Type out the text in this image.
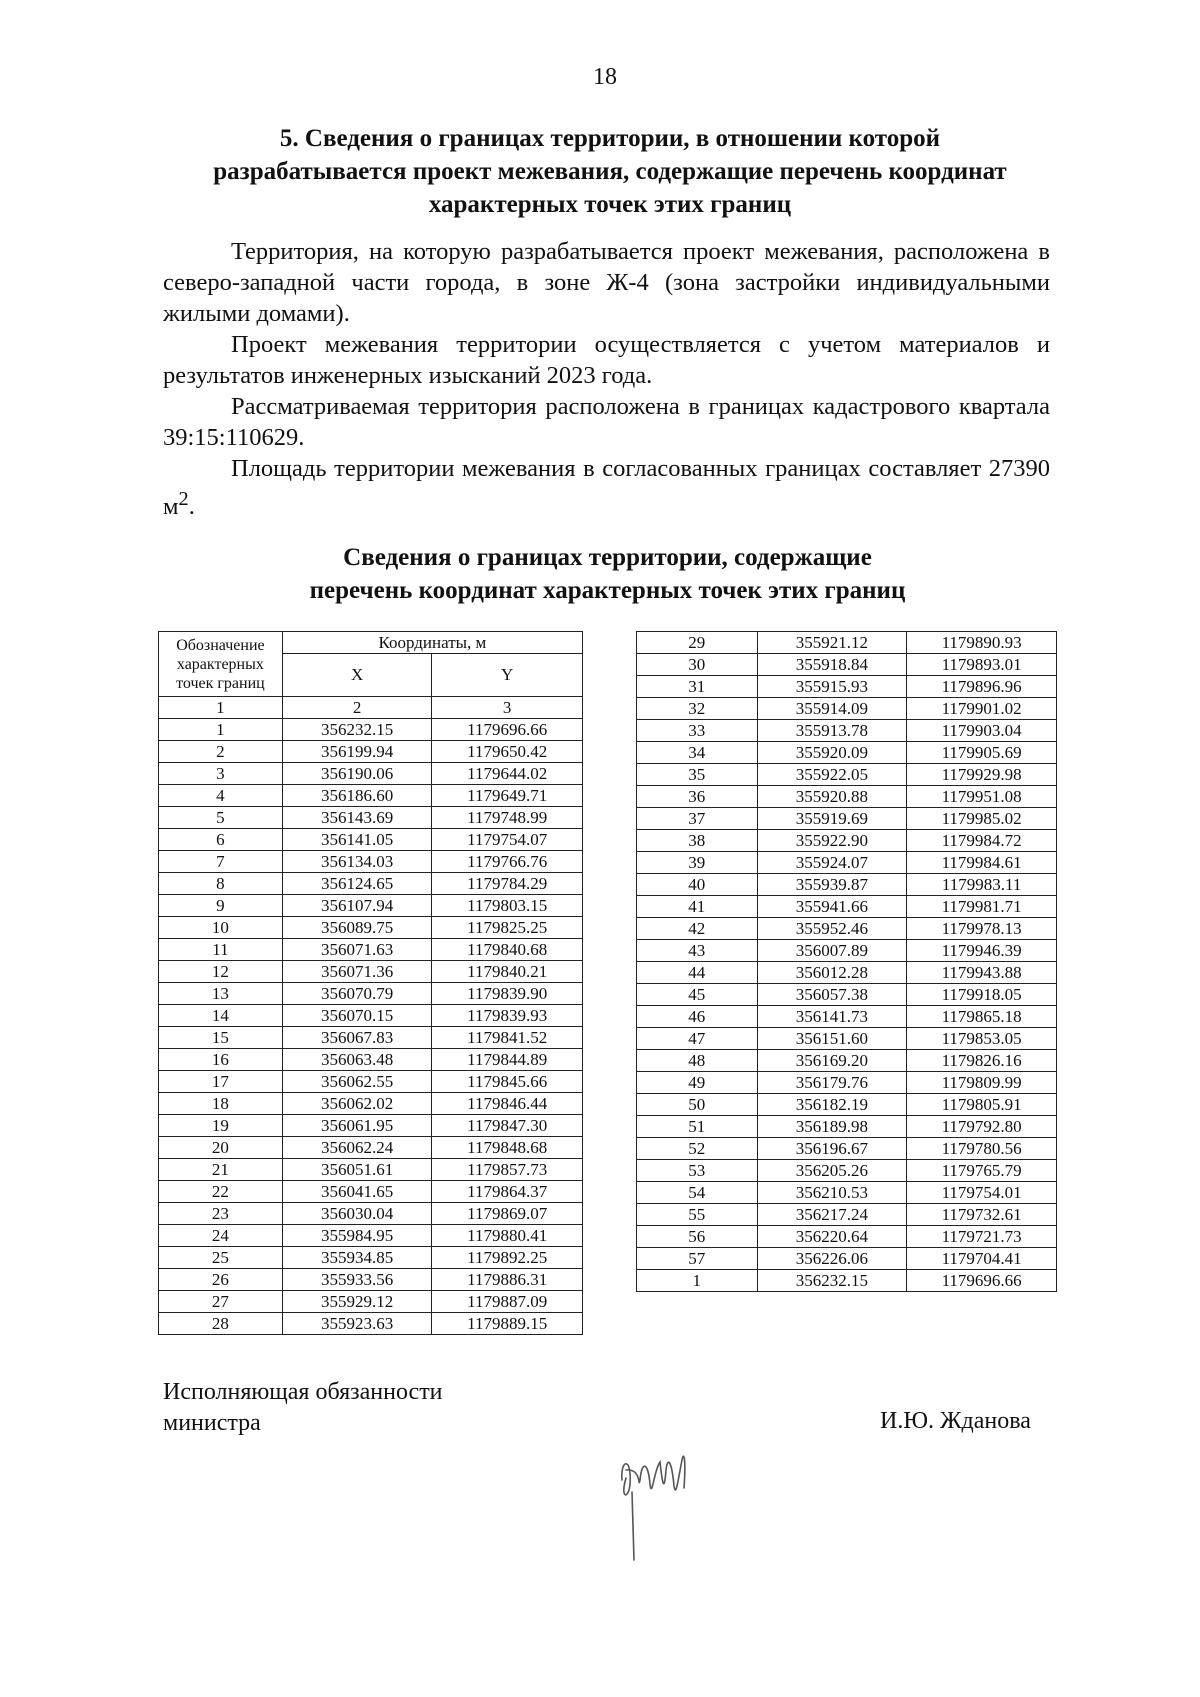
18
5. Сведения о границах территории, в отношении которой
разрабатывается проект межевания, содержащие перечень координат
характерных точек этих границ

Территория, на которую разрабатывается проект межевания, расположена в северо-западной части города, в зоне Ж-4 (зона застройки индивидуальными жилыми домами).

Проект межевания территории осуществляется с учетом материалов и результатов инженерных изысканий 2023 года.

Рассматриваемая территория расположена в границах кадастрового квартала 39:15:110629.

Площадь территории межевания в согласованных границах составляет 27390 $м^2$.

Сведения о границах территории, содержащие
перечень координат характерных точек этих границ
Обозначение характерных точек границ	Координаты, м	
	X	Y
1	2	3
1	356232.15	1179696.66
2	356199.94	1179650.42
3	356190.06	1179644.02
4	356186.60	1179649.71
5	356143.69	1179748.99
6	356141.05	1179754.07
7	356134.03	1179766.76
8	356124.65	1179784.29
9	356107.94	1179803.15
10	356089.75	1179825.25
11	356071.63	1179840.68
12	356071.36	1179840.21
13	356070.79	1179839.90
14	356070.15	1179839.93
15	356067.83	1179841.52
16	356063.48	1179844.89
17	356062.55	1179845.66
18	356062.02	1179846.44
19	356061.95	1179847.30
20	356062.24	1179848.68
21	356051.61	1179857.73
22	356041.65	1179864.37
23	356030.04	1179869.07
24	355984.95	1179880.41
25	355934.85	1179892.25
26	355933.56	1179886.31
27	355929.12	1179887.09
28	355923.63	1179889.15
29	355921.12	1179890.93
30	355918.84	1179893.01
31	355915.93	1179896.96
32	355914.09	1179901.02
33	355913.78	1179903.04
34	355920.09	1179905.69
35	355922.05	1179929.98
36	355920.88	1179951.08
37	355919.69	1179985.02
38	355922.90	1179984.72
39	355924.07	1179984.61
40	355939.87	1179983.11
41	355941.66	1179981.71
42	355952.46	1179978.13
43	356007.89	1179946.39
44	356012.28	1179943.88
45	356057.38	1179918.05
46	356141.73	1179865.18
47	356151.60	1179853.05
48	356169.20	1179826.16
49	356179.76	1179809.99
50	356182.19	1179805.91
51	356189.98	1179792.80
52	356196.67	1179780.56
53	356205.26	1179765.79
54	356210.53	1179754.01
55	356217.24	1179732.61
56	356220.64	1179721.73
57	356226.06	1179704.41
1	356232.15	1179696.66
Исполняющая обязанности
министра	И.Ю. Жданова
